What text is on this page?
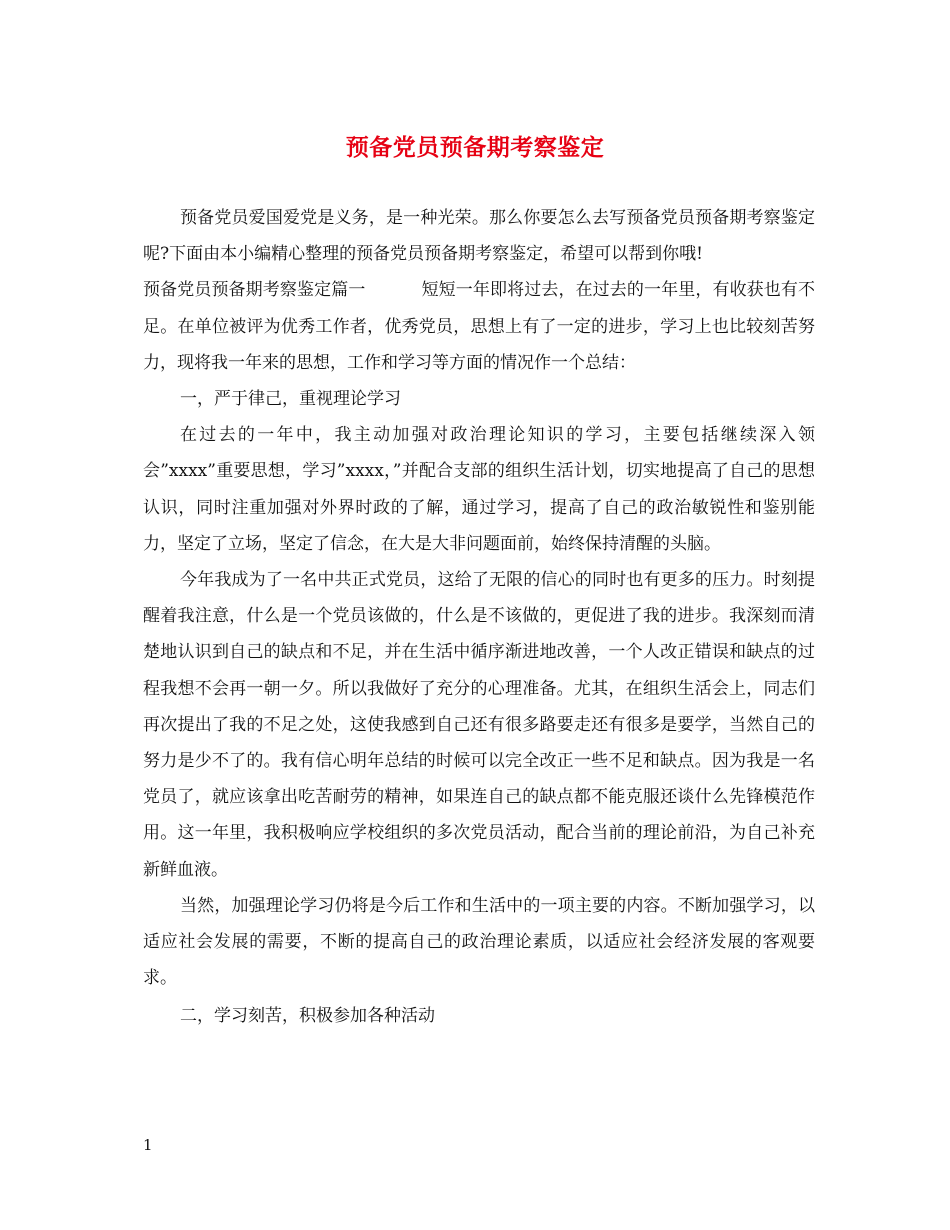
预备党员预备期考察鉴定

预备党员爱国爱党是义务，是一种光荣。那么你要怎么去写预备党员预备期考察鉴定呢?下面由本小编精心整理的预备党员预备期考察鉴定，希望可以帮到你哦!

预备党员预备期考察鉴定篇一	短短一年即将过去，在过去的一年里，有收获也有不足。在单位被评为优秀工作者，优秀党员，思想上有了一定的进步，学习上也比较刻苦努力，现将我一年来的思想，工作和学习等方面的情况作一个总结：

一，严于律己，重视理论学习

在过去的一年中，我主动加强对政治理论知识的学习，主要包括继续深入领会”xxxx”重要思想，学习”xxxx，”并配合支部的组织生活计划，切实地提高了自己的思想认识，同时注重加强对外界时政的了解，通过学习，提高了自己的政治敏锐性和鉴别能力，坚定了立场，坚定了信念，在大是大非问题面前，始终保持清醒的头脑。

今年我成为了一名中共正式党员，这给了无限的信心的同时也有更多的压力。时刻提醒着我注意，什么是一个党员该做的，什么是不该做的，更促进了我的进步。我深刻而清楚地认识到自己的缺点和不足，并在生活中循序渐进地改善，一个人改正错误和缺点的过程我想不会再一朝一夕。所以我做好了充分的心理准备。尤其，在组织生活会上，同志们再次提出了我的不足之处，这使我感到自己还有很多路要走还有很多是要学，当然自己的努力是少不了的。我有信心明年总结的时候可以完全改正一些不足和缺点。因为我是一名党员了，就应该拿出吃苦耐劳的精神，如果连自己的缺点都不能克服还谈什么先锋模范作用。这一年里，我积极响应学校组织的多次党员活动，配合当前的理论前沿，为自己补充新鲜血液。

当然，加强理论学习仍将是今后工作和生活中的一项主要的内容。不断加强学习，以适应社会发展的需要，不断的提高自己的政治理论素质，以适应社会经济发展的客观要求。

二，学习刻苦，积极参加各种活动

1
